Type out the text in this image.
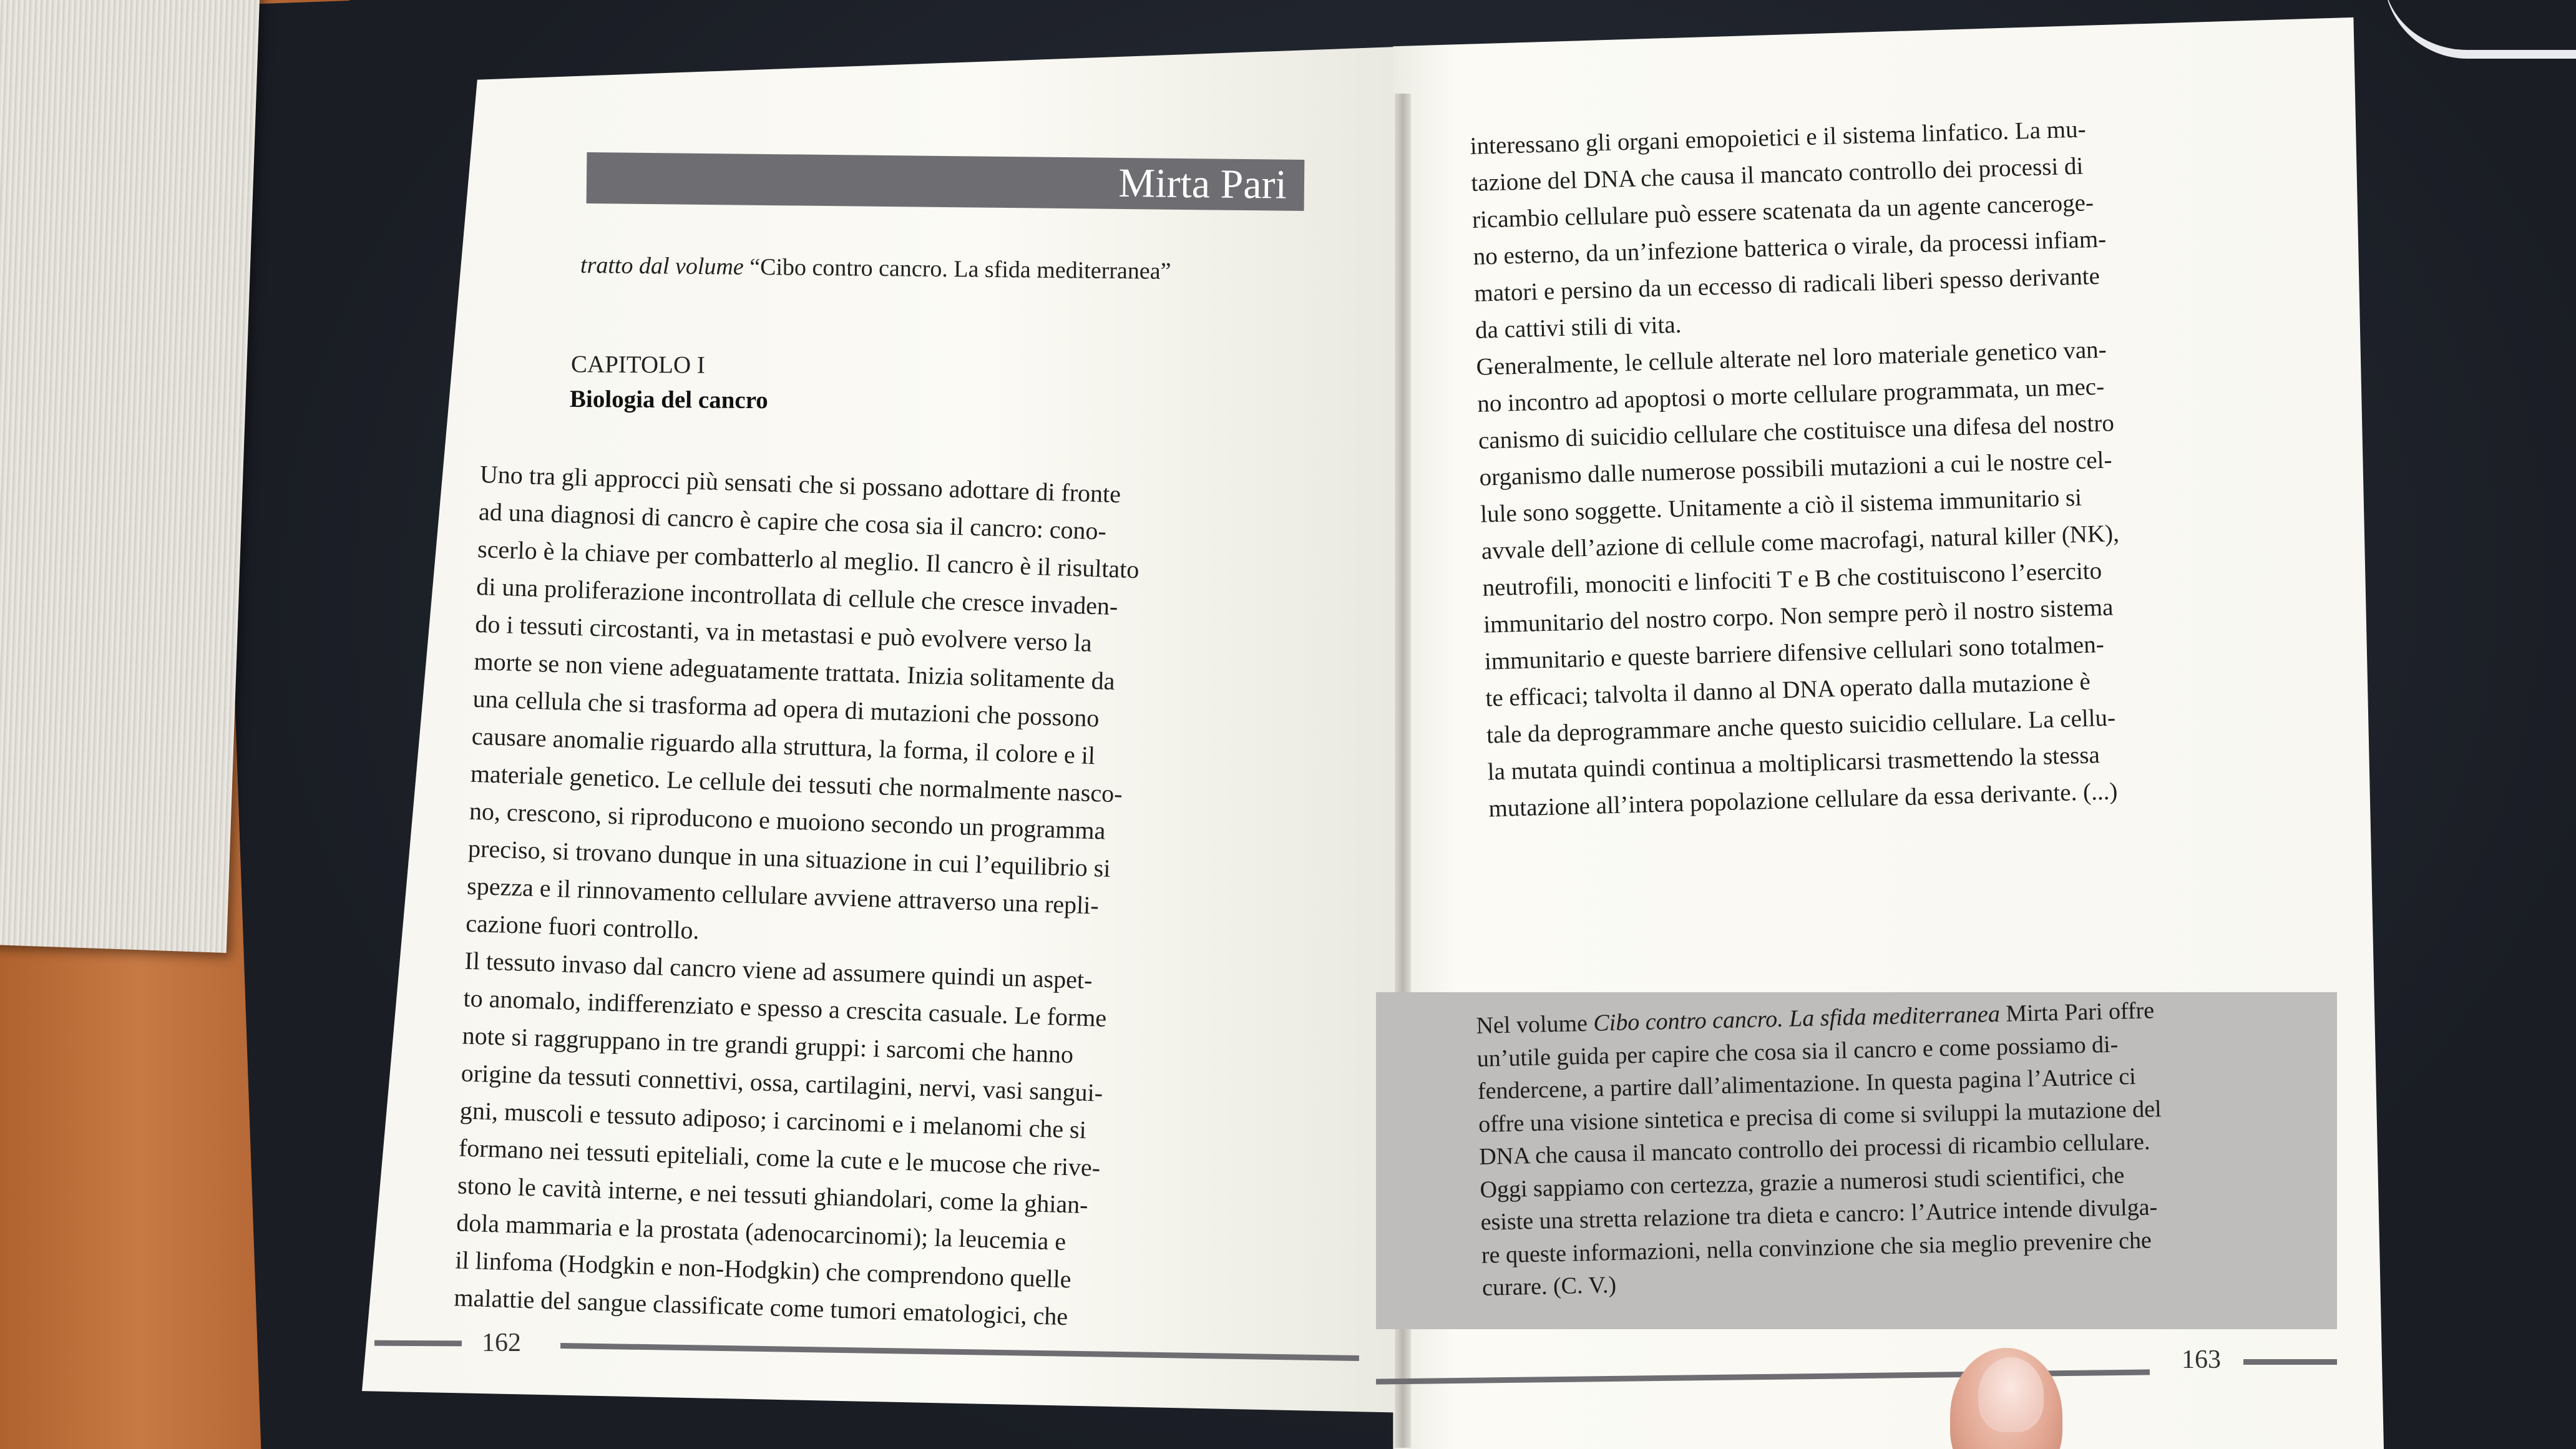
Mirta Pari
tratto dal volume “Cibo contro cancro. La sfida mediterranea”
CAPITOLO I
Biologia del cancro
Uno tra gli approcci più sensati che si possano adottare di fronte
ad una diagnosi di cancro è capire che cosa sia il cancro: cono-
scerlo è la chiave per combatterlo al meglio. Il cancro è il risultato
di una proliferazione incontrollata di cellule che cresce invaden-
do i tessuti circostanti, va in metastasi e può evolvere verso la
morte se non viene adeguatamente trattata. Inizia solitamente da
una cellula che si trasforma ad opera di mutazioni che possono
causare anomalie riguardo alla struttura, la forma, il colore e il
materiale genetico. Le cellule dei tessuti che normalmente nasco-
no, crescono, si riproducono e muoiono secondo un programma
preciso, si trovano dunque in una situazione in cui l’equilibrio si
spezza e il rinnovamento cellulare avviene attraverso una repli-
cazione fuori controllo.
Il tessuto invaso dal cancro viene ad assumere quindi un aspet-
to anomalo, indifferenziato e spesso a crescita casuale. Le forme
note si raggruppano in tre grandi gruppi: i sarcomi che hanno
origine da tessuti connettivi, ossa, cartilagini, nervi, vasi sangui-
gni, muscoli e tessuto adiposo; i carcinomi e i melanomi che si
formano nei tessuti epiteliali, come la cute e le mucose che rive-
stono le cavità interne, e nei tessuti ghiandolari, come la ghian-
dola mammaria e la prostata (adenocarcinomi); la leucemia e
il linfoma (Hodgkin e non-Hodgkin) che comprendono quelle
malattie del sangue classificate come tumori ematologici, che
162
interessano gli organi emopoietici e il sistema linfatico. La mu-
tazione del DNA che causa il mancato controllo dei processi di
ricambio cellulare può essere scatenata da un agente canceroge-
no esterno, da un’infezione batterica o virale, da processi infiam-
matori e persino da un eccesso di radicali liberi spesso derivante
da cattivi stili di vita.
Generalmente, le cellule alterate nel loro materiale genetico van-
no incontro ad apoptosi o morte cellulare programmata, un mec-
canismo di suicidio cellulare che costituisce una difesa del nostro
organismo dalle numerose possibili mutazioni a cui le nostre cel-
lule sono soggette. Unitamente a ciò il sistema immunitario si
avvale dell’azione di cellule come macrofagi, natural killer (NK),
neutrofili, monociti e linfociti T e B che costituiscono l’esercito
immunitario del nostro corpo. Non sempre però il nostro sistema
immunitario e queste barriere difensive cellulari sono totalmen-
te efficaci; talvolta il danno al DNA operato dalla mutazione è
tale da deprogrammare anche questo suicidio cellulare. La cellu-
la mutata quindi continua a moltiplicarsi trasmettendo la stessa
mutazione all’intera popolazione cellulare da essa derivante. (...)
Nel volume Cibo contro cancro. La sfida mediterranea Mirta Pari offre
un’utile guida per capire che cosa sia il cancro e come possiamo di-
fendercene, a partire dall’alimentazione. In questa pagina l’Autrice ci
offre una visione sintetica e precisa di come si sviluppi la mutazione del
DNA che causa il mancato controllo dei processi di ricambio cellulare.
Oggi sappiamo con certezza, grazie a numerosi studi scientifici, che
esiste una stretta relazione tra dieta e cancro: l’Autrice intende divulga-
re queste informazioni, nella convinzione che sia meglio prevenire che
curare. (C. V.)
163
